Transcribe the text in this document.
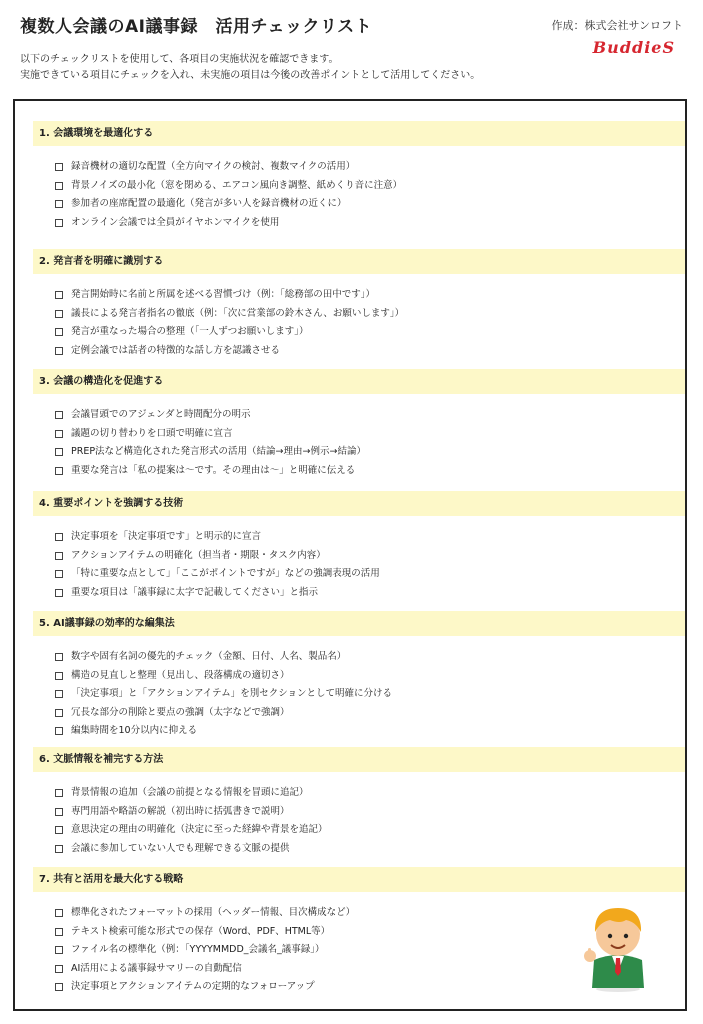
複数人会議のAI議事録　活用チェックリスト	作成：株式会社サンロフト
BuddieS
以下のチェックリストを使用して、各項目の実施状況を確認できます。
実施できている項目にチェックを入れ、未実施の項目は今後の改善ポイントとして活用してください。
1. 会議環境を最適化する
録音機材の適切な配置（全方向マイクの検討、複数マイクの活用）
背景ノイズの最小化（窓を閉める、エアコン風向き調整、紙めくり音に注意）
参加者の座席配置の最適化（発言が多い人を録音機材の近くに）
オンライン会議では全員がイヤホンマイクを使用
2. 発言者を明確に識別する
発言開始時に名前と所属を述べる習慣づけ（例：「総務部の田中です」）
議長による発言者指名の徹底（例：「次に営業部の鈴木さん、お願いします」）
発言が重なった場合の整理（「一人ずつお願いします」）
定例会議では話者の特徴的な話し方を認識させる
3. 会議の構造化を促進する
会議冒頭でのアジェンダと時間配分の明示
議題の切り替わりを口頭で明確に宣言
PREP法など構造化された発言形式の活用（結論→理由→例示→結論）
重要な発言は「私の提案は〜です。その理由は〜」と明確に伝える
4. 重要ポイントを強調する技術
決定事項を「決定事項です」と明示的に宣言
アクションアイテムの明確化（担当者・期限・タスク内容）
「特に重要な点として」「ここがポイントですが」などの強調表現の活用
重要な項目は「議事録に太字で記載してください」と指示
5. AI議事録の効率的な編集法
数字や固有名詞の優先的チェック（金額、日付、人名、製品名）
構造の見直しと整理（見出し、段落構成の適切さ）
「決定事項」と「アクションアイテム」を別セクションとして明確に分ける
冗長な部分の削除と要点の強調（太字などで強調）
編集時間を10分以内に抑える
6. 文脈情報を補完する方法
背景情報の追加（会議の前提となる情報を冒頭に追記）
専門用語や略語の解説（初出時に括弧書きで説明）
意思決定の理由の明確化（決定に至った経緯や背景を追記）
会議に参加していない人でも理解できる文脈の提供
7. 共有と活用を最大化する戦略
標準化されたフォーマットの採用（ヘッダー情報、目次構成など）
テキスト検索可能な形式での保存（Word、PDF、HTML等）
ファイル名の標準化（例：「YYYYMMDD_会議名_議事録」）
AI活用による議事録サマリーの自動配信
決定事項とアクションアイテムの定期的なフォローアップ
